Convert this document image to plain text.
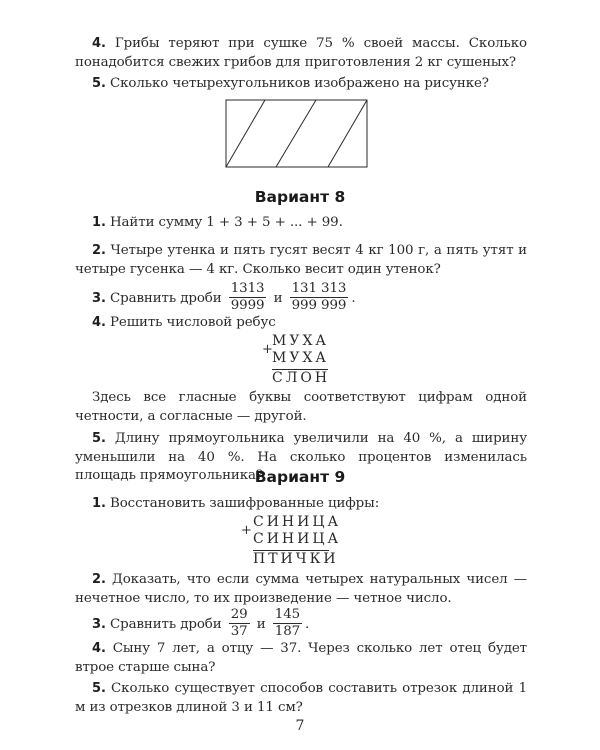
4. Грибы теряют при сушке 75 % своей массы. Сколько понадобится свежих грибов для приготовления 2 кг сушеных?
5. Сколько четырехугольников изображено на рисунке?
Вариант 8
1. Найти сумму 1 + 3 + 5 + ... + 99.
2. Четыре утенка и пять гусят весят 4 кг 100 г, а пять утят и четыре гусенка — 4 кг. Сколько весит один утенок?
3. Сравнить дроби $\frac{1313}{9999}$ и $\frac{131 313}{999 999}$ .
4. Решить числовой ребус
+
МУХА
МУХА
СЛОН
Здесь все гласные буквы соответствуют цифрам одной четности, а согласные — другой.
5. Длину прямоугольника увеличили на 40 %, а ширину уменьшили на 40 %. На сколько процентов изменилась площадь прямоугольника?
Вариант 9
1. Восстановить зашифрованные цифры:
+
СИНИЦА
СИНИЦА
ПТИЧКИ
2. Доказать, что если сумма четырех натуральных чисел — нечетное число, то их произведение — четное число.
3. Сравнить дроби $\frac{29}{37}$ и $\frac{145}{187}$ .
4. Сыну 7 лет, а отцу — 37. Через сколько лет отец будет втрое старше сына?
5. Сколько существует способов составить отрезок длиной 1 м из отрезков длиной 3 и 11 см?
7
